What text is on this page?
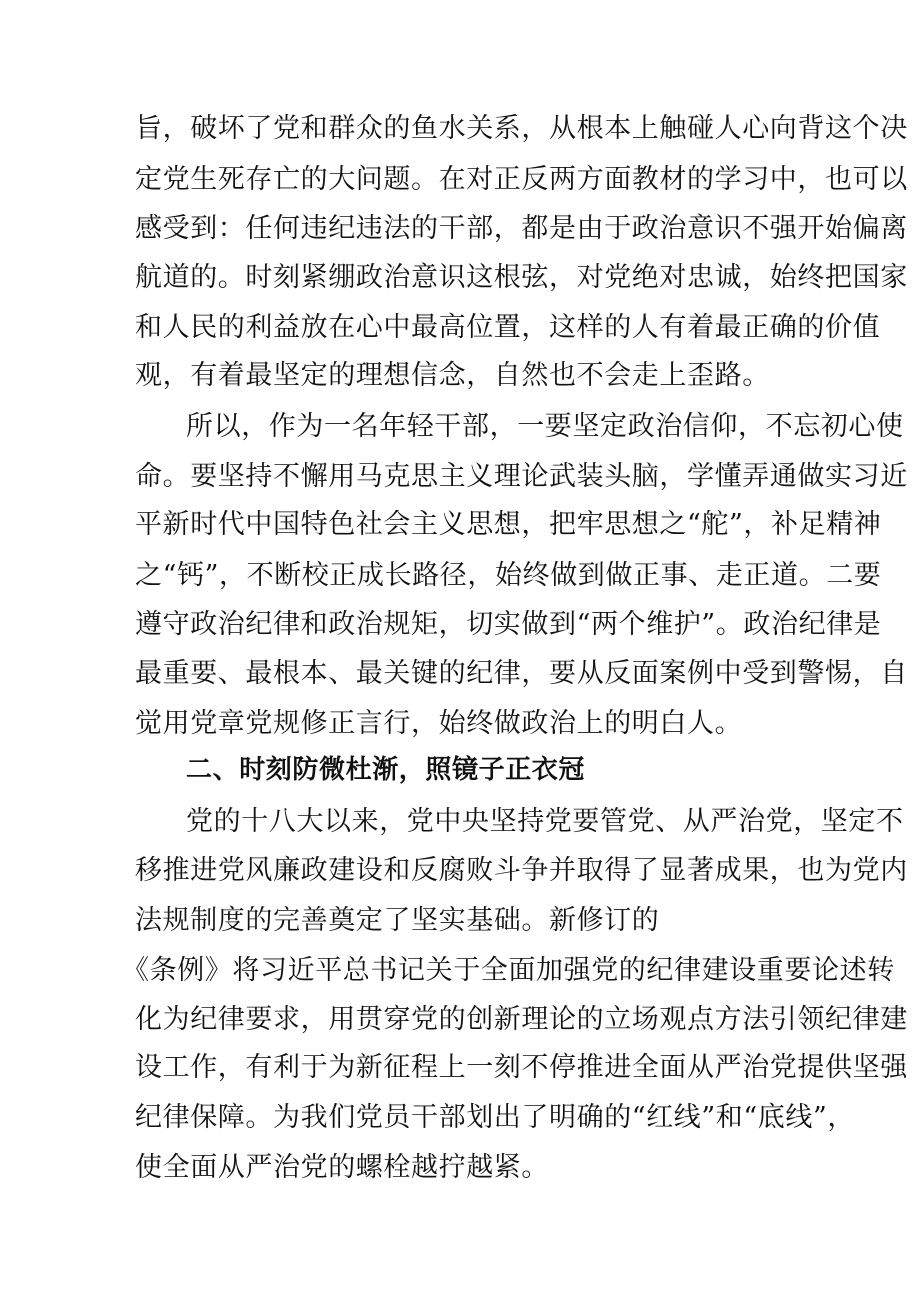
旨，破坏了党和群众的鱼水关系，从根本上触碰人心向背这个决
定党生死存亡的大问题。在对正反两方面教材的学习中，也可以
感受到：任何违纪违法的干部，都是由于政治意识不强开始偏离
航道的。时刻紧绷政治意识这根弦，对党绝对忠诚，始终把国家
和人民的利益放在心中最高位置，这样的人有着最正确的价值
观，有着最坚定的理想信念，自然也不会走上歪路。
所以，作为一名年轻干部，一要坚定政治信仰，不忘初心使
命。要坚持不懈用马克思主义理论武装头脑，学懂弄通做实习近
平新时代中国特色社会主义思想，把牢思想之“舵”，补足精神
之“钙”，不断校正成长路径，始终做到做正事、走正道。二要
遵守政治纪律和政治规矩，切实做到“两个维护”。政治纪律是
最重要、最根本、最关键的纪律，要从反面案例中受到警惕，自
觉用党章党规修正言行，始终做政治上的明白人。
二、时刻防微杜渐，照镜子正衣冠
党的十八大以来，党中央坚持党要管党、从严治党，坚定不
移推进党风廉政建设和反腐败斗争并取得了显著成果，也为党内
法规制度的完善奠定了坚实基础。新修订的
《条例》将习近平总书记关于全面加强党的纪律建设重要论述转
化为纪律要求，用贯穿党的创新理论的立场观点方法引领纪律建
设工作，有利于为新征程上一刻不停推进全面从严治党提供坚强
纪律保障。为我们党员干部划出了明确的“红线”和“底线”，
使全面从严治党的螺栓越拧越紧。
